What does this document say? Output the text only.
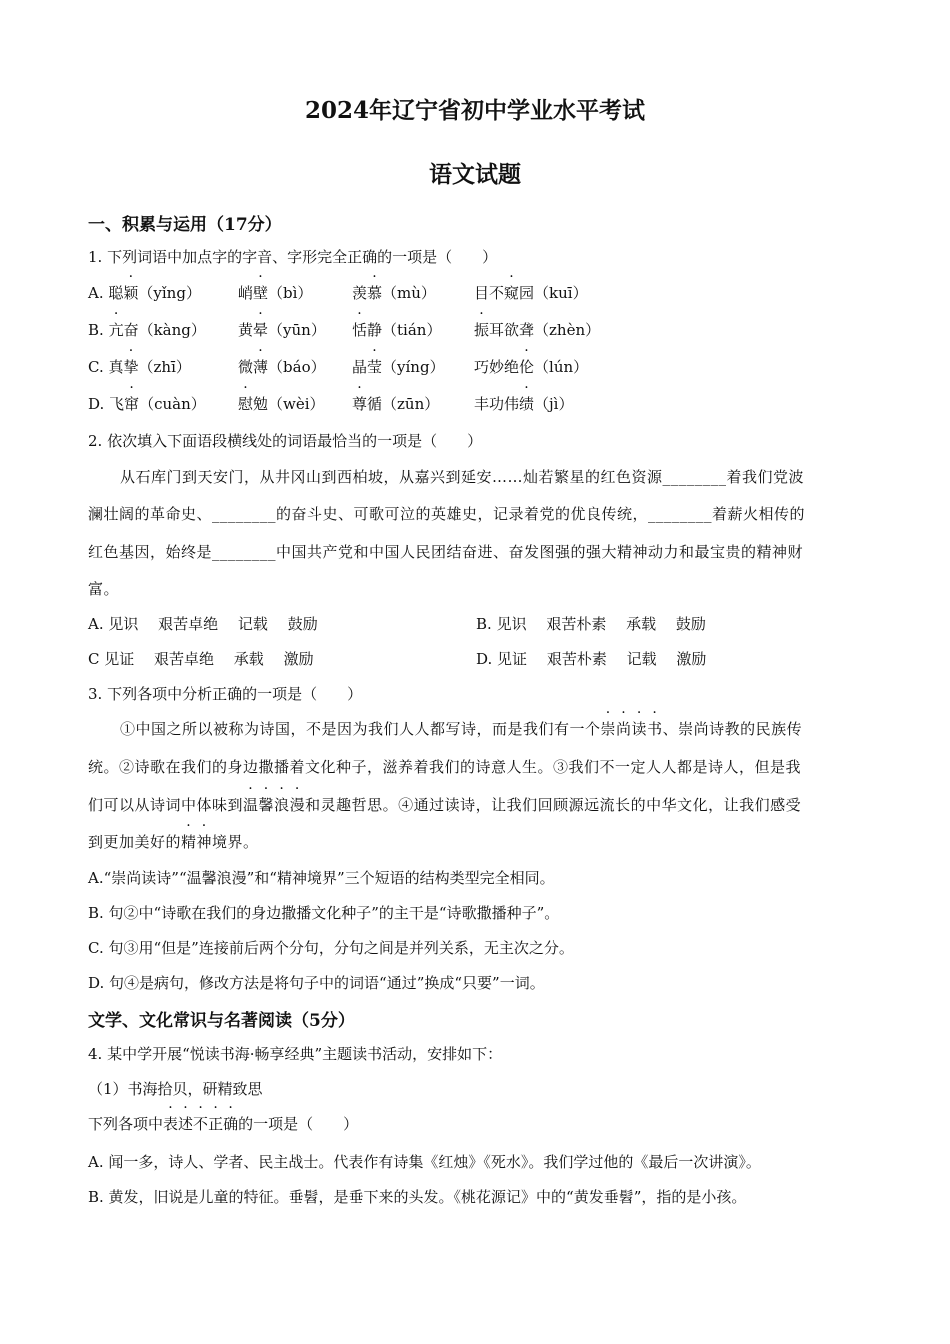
2024年辽宁省初中学业水平考试
语文试题
一、积累与运用（17分）
1. 下列词语中加点字的字音、字形完全正确的一项是（　　）
A. 聪颖（yǐng） 峭壁（bì）	羡慕（mù）	目不窥园（kuī）
B. 亢奋（kàng） 黄晕（yūn） 恬静（tián） 振耳欲聋（zhèn）
C. 真挚（zhī）	微薄（báo） 晶莹（yíng） 巧妙绝伦（lún）
D. 飞窜（cuàn） 慰勉（wèi） 尊循（zūn） 丰功伟绩（jì）
2. 依次填入下面语段横线处的词语最恰当的一项是（　　）
从石库门到天安门，从井冈山到西柏坡，从嘉兴到延安……灿若繁星的红色资源________着我们党波
澜壮阔的革命史、________的奋斗史、可歌可泣的英雄史，记录着党的优良传统，________着薪火相传的
红色基因，始终是________中国共产党和中国人民团结奋进、奋发图强的强大精神动力和最宝贵的精神财
富。
A. 见识　 艰苦卓绝　 记载　 鼓励	B. 见识　 艰苦朴素　 承载　 鼓励
C 见证　 艰苦卓绝　 承载　 激励	D. 见证　 艰苦朴素　 记载　 激励
3. 下列各项中分析正确的一项是（　　）
①中国之所以被称为诗国，不是因为我们人人都写诗，而是我们有一个崇尚读书、崇尚诗教的民族传
统。②诗歌在我们的身边撒播着文化种子，滋养着我们的诗意人生。③我们不一定人人都是诗人，但是我
们可以从诗词中体味到温馨浪漫和灵趣哲思。④通过读诗，让我们回顾源远流长的中华文化，让我们感受
到更加美好的精神境界。
A.“崇尚读诗”“温馨浪漫”和“精神境界”三个短语的结构类型完全相同。
B. 句②中“诗歌在我们的身边撒播文化种子”的主干是“诗歌撒播种子”。
C. 句③用“但是”连接前后两个分句，分句之间是并列关系，无主次之分。
D. 句④是病句，修改方法是将句子中的词语“通过”换成“只要”一词。
文学、文化常识与名著阅读（5分）
4. 某中学开展“悦读书海·畅享经典”主题读书活动，安排如下：
（1）书海拾贝，研精致思
下列各项中表述不正确的一项是（　　）
A. 闻一多，诗人、学者、民主战士。代表作有诗集《红烛》《死水》。我们学过他的《最后一次讲演》。
B. 黄发，旧说是儿童的特征。垂髫，是垂下来的头发。《桃花源记》中的“黄发垂髫”，指的是小孩。
